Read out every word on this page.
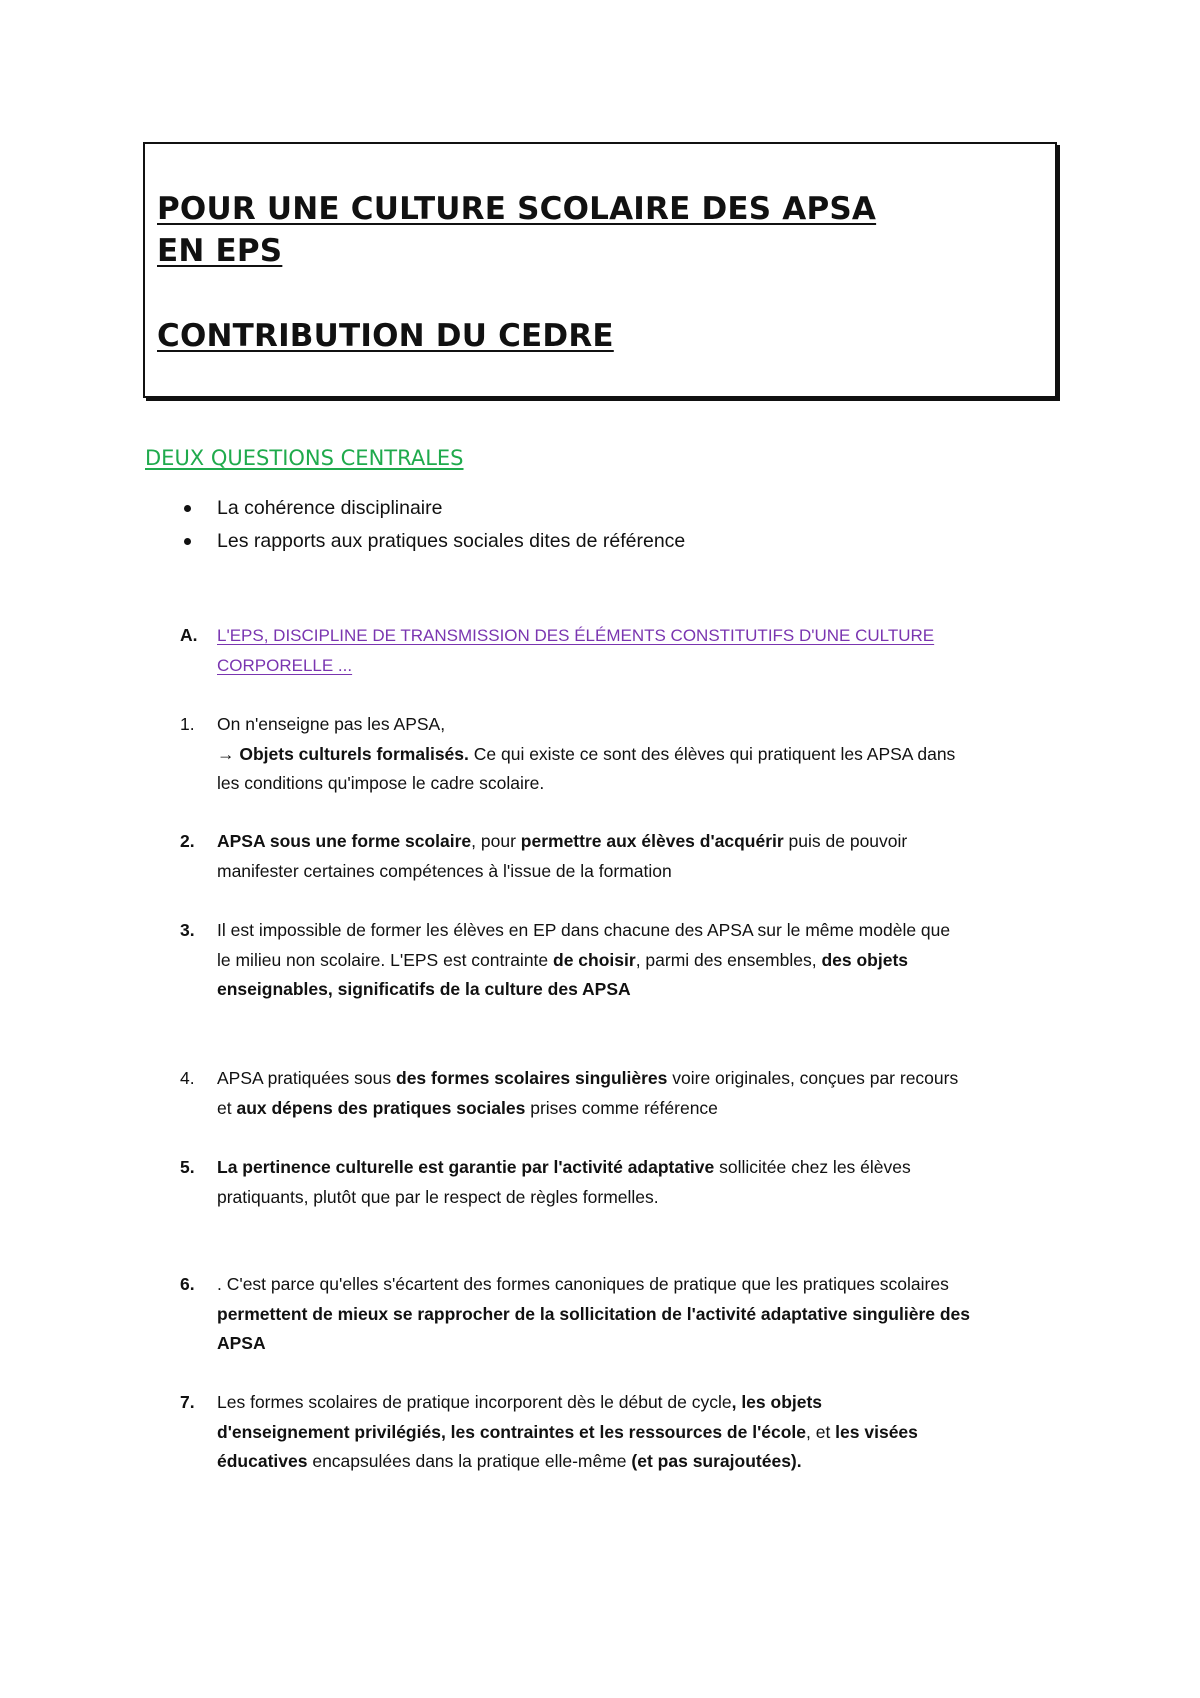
POUR UNE CULTURE SCOLAIRE DES APSA

EN EPS

CONTRIBUTION DU CEDRE

DEUX QUESTIONS CENTRALES
La cohérence disciplinaire
Les rapports aux pratiques sociales dites de référence
A. L'EPS, DISCIPLINE DE TRANSMISSION DES ÉLÉMENTS CONSTITUTIFS D'UNE CULTURE

CORPORELLE ...

1. On n'enseigne pas les APSA,

→ Objets culturels formalisés. Ce qui existe ce sont des élèves qui pratiquent les APSA dans

les conditions qu'impose le cadre scolaire.

2. APSA sous une forme scolaire, pour permettre aux élèves d'acquérir puis de pouvoir

manifester certaines compétences à l'issue de la formation

3. Il est impossible de former les élèves en EP dans chacune des APSA sur le même modèle que

le milieu non scolaire. L'EPS est contrainte de choisir, parmi des ensembles, des objets

enseignables, significatifs de la culture des APSA

4. APSA pratiquées sous des formes scolaires singulières voire originales, conçues par recours

et aux dépens des pratiques sociales prises comme référence

5. La pertinence culturelle est garantie par l'activité adaptative sollicitée chez les élèves

pratiquants, plutôt que par le respect de règles formelles.

6. . C'est parce qu'elles s'écartent des formes canoniques de pratique que les pratiques scolaires

permettent de mieux se rapprocher de la sollicitation de l'activité adaptative singulière des

APSA

7. Les formes scolaires de pratique incorporent dès le début de cycle, les objets

d'enseignement privilégiés, les contraintes et les ressources de l'école, et les visées

éducatives encapsulées dans la pratique elle-même (et pas surajoutées).
